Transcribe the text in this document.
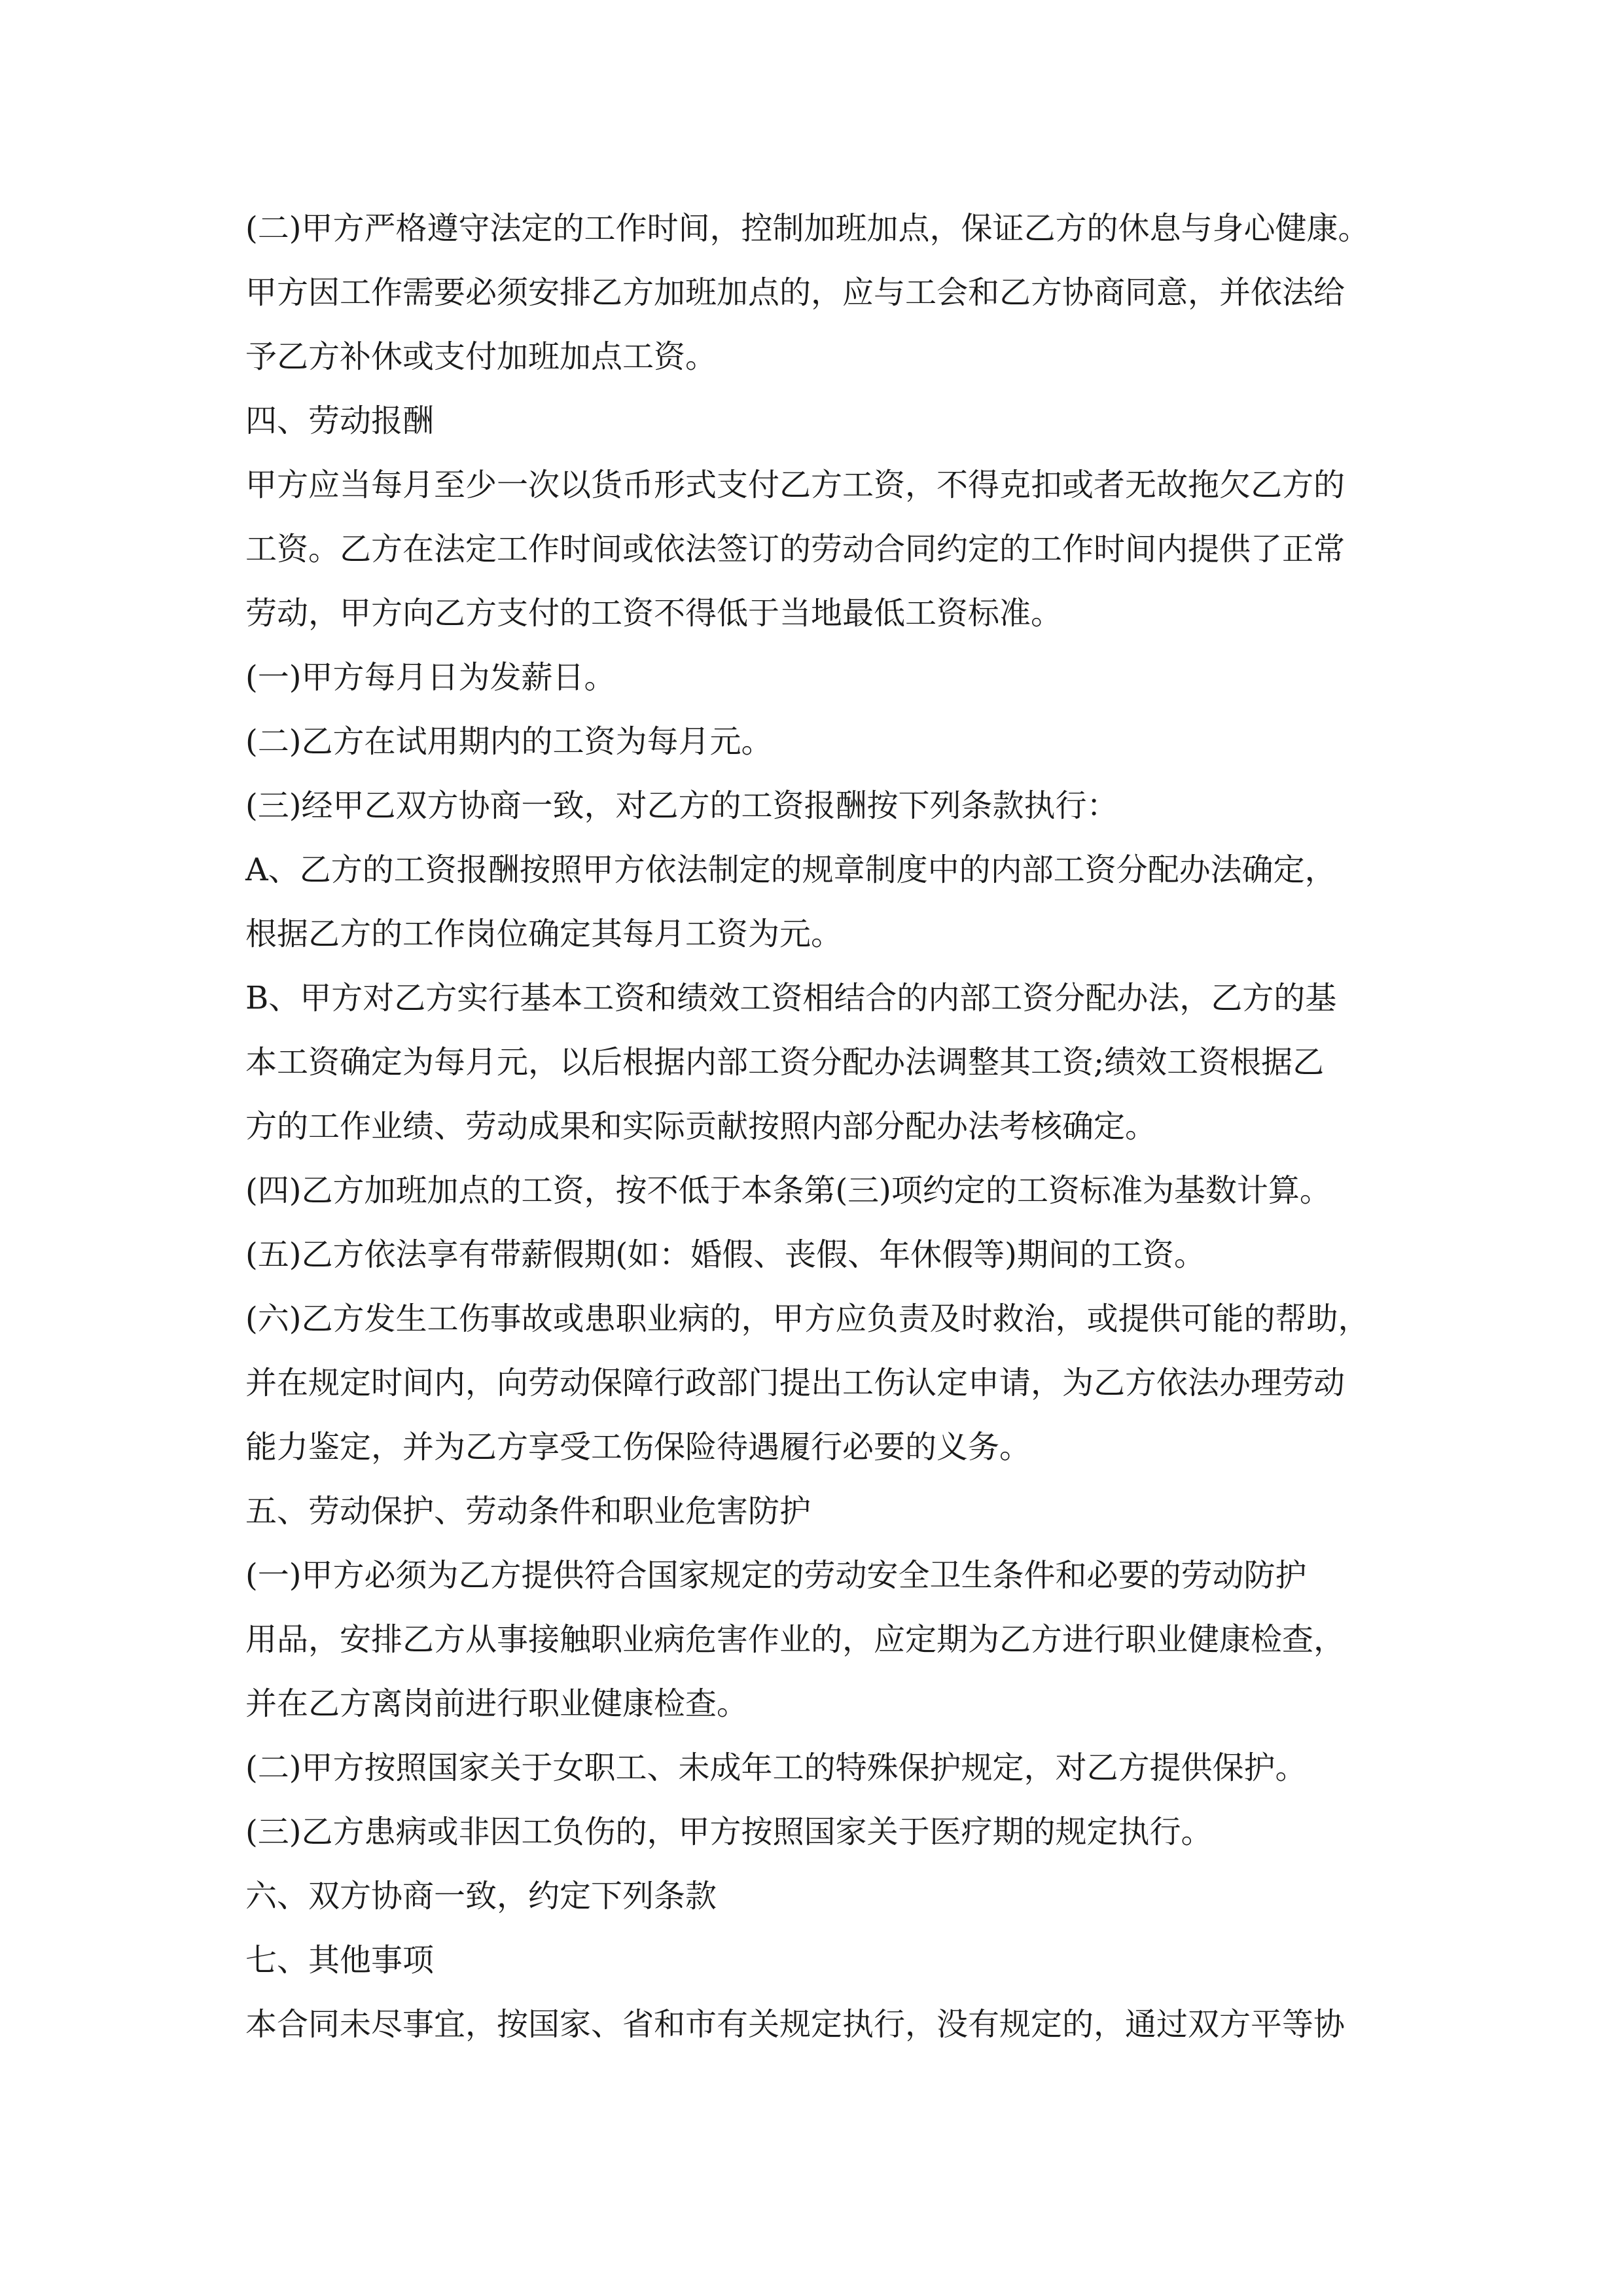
(二)甲方严格遵守法定的工作时间，控制加班加点，保证乙方的休息与身心健康。
甲方因工作需要必须安排乙方加班加点的，应与工会和乙方协商同意，并依法给
予乙方补休或支付加班加点工资。
四、劳动报酬
甲方应当每月至少一次以货币形式支付乙方工资，不得克扣或者无故拖欠乙方的
工资。乙方在法定工作时间或依法签订的劳动合同约定的工作时间内提供了正常
劳动，甲方向乙方支付的工资不得低于当地最低工资标准。
(一)甲方每月日为发薪日。
(二)乙方在试用期内的工资为每月元。
(三)经甲乙双方协商一致，对乙方的工资报酬按下列条款执行：
A、乙方的工资报酬按照甲方依法制定的规章制度中的内部工资分配办法确定，
根据乙方的工作岗位确定其每月工资为元。
B、甲方对乙方实行基本工资和绩效工资相结合的内部工资分配办法，乙方的基
本工资确定为每月元，以后根据内部工资分配办法调整其工资;绩效工资根据乙
方的工作业绩、劳动成果和实际贡献按照内部分配办法考核确定。
(四)乙方加班加点的工资，按不低于本条第(三)项约定的工资标准为基数计算。
(五)乙方依法享有带薪假期(如：婚假、丧假、年休假等)期间的工资。
(六)乙方发生工伤事故或患职业病的，甲方应负责及时救治，或提供可能的帮助，
并在规定时间内，向劳动保障行政部门提出工伤认定申请，为乙方依法办理劳动
能力鉴定，并为乙方享受工伤保险待遇履行必要的义务。
五、劳动保护、劳动条件和职业危害防护
(一)甲方必须为乙方提供符合国家规定的劳动安全卫生条件和必要的劳动防护
用品，安排乙方从事接触职业病危害作业的，应定期为乙方进行职业健康检查，
并在乙方离岗前进行职业健康检查。
(二)甲方按照国家关于女职工、未成年工的特殊保护规定，对乙方提供保护。
(三)乙方患病或非因工负伤的，甲方按照国家关于医疗期的规定执行。
六、双方协商一致，约定下列条款
七、其他事项
本合同未尽事宜，按国家、省和市有关规定执行，没有规定的，通过双方平等协
